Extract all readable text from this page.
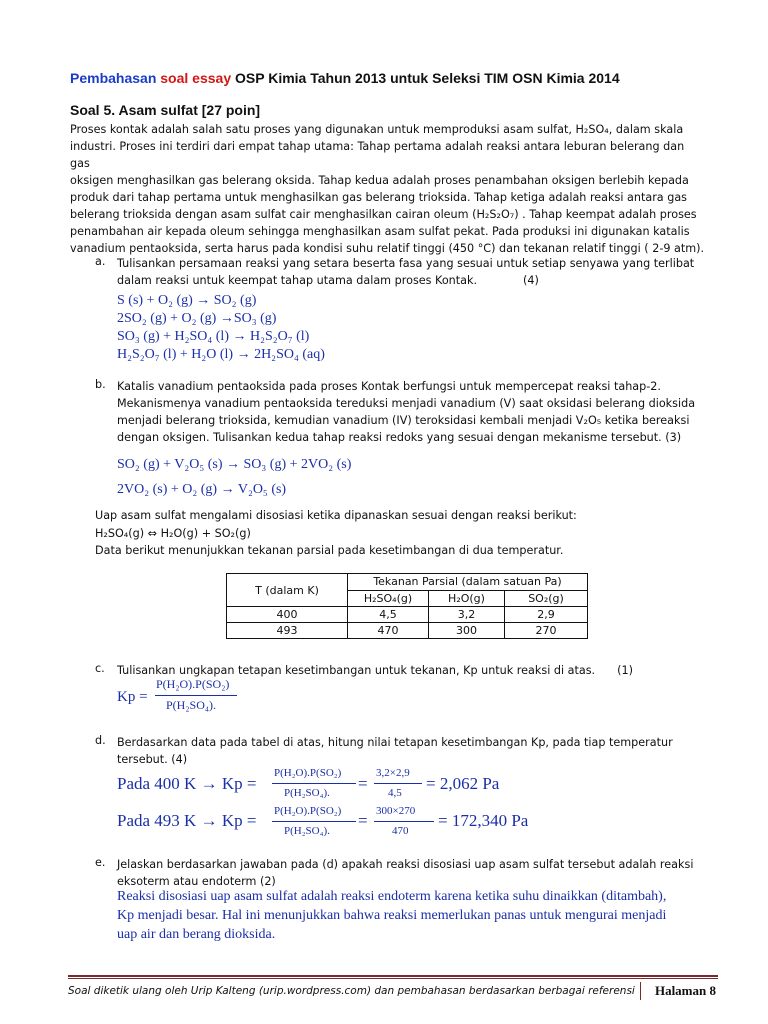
Pembahasan soal essay OSP Kimia Tahun 2013 untuk Seleksi TIM OSN Kimia 2014
Soal 5. Asam sulfat [27 poin]
Proses kontak adalah salah satu proses yang digunakan untuk memproduksi asam sulfat, H₂SO₄, dalam skala
industri. Proses ini terdiri dari empat tahap utama: Tahap pertama adalah reaksi antara leburan belerang dan gas
oksigen menghasilkan gas belerang oksida. Tahap kedua adalah proses penambahan oksigen berlebih kepada
produk dari tahap pertama untuk menghasilkan gas belerang trioksida. Tahap ketiga adalah reaksi antara gas
belerang trioksida dengan asam sulfat cair menghasilkan cairan oleum (H₂S₂O₇) . Tahap keempat adalah proses
penambahan air kepada oleum sehingga menghasilkan asam sulfat pekat. Pada produksi ini digunakan katalis
vanadium pentaoksida, serta harus pada kondisi suhu relatif tinggi (450 °C) dan tekanan relatif tinggi ( 2-9 atm).
a. Tulisankan persamaan reaksi yang setara beserta fasa yang sesuai untuk setiap senyawa yang terlibat
dalam reaksi untuk keempat tahap utama dalam proses Kontak.	(4)
S (s) + O₂ (g) → SO₂ (g)
2SO₂ (g) + O₂ (g) →SO₃ (g)
SO₃ (g) + H₂SO₄ (l) → H₂S₂O₇ (l)
H₂S₂O₇ (l) + H₂O (l) → 2H₂SO₄ (aq)
b. Katalis vanadium pentaoksida pada proses Kontak berfungsi untuk mempercepat reaksi tahap-2.
Mekanismenya vanadium pentaoksida tereduksi menjadi vanadium (V) saat oksidasi belerang dioksida
menjadi belerang trioksida, kemudian vanadium (IV) teroksidasi kembali menjadi V₂O₅ ketika bereaksi
dengan oksigen. Tulisankan kedua tahap reaksi redoks yang sesuai dengan mekanisme tersebut. (3)
SO₂ (g) + V₂O₅ (s) → SO₃ (g) + 2VO₂ (s)
2VO₂ (s) + O₂ (g) → V₂O₅ (s)
Uap asam sulfat mengalami disosiasi ketika dipanaskan sesuai dengan reaksi berikut:
H₂SO₄(g) ⇔ H₂O(g) + SO₂(g)
Data berikut menunjukkan tekanan parsial pada kesetimbangan di dua temperatur.
T (dalam K)	Tekanan Parsial (dalam satuan Pa)		
	H₂SO₄(g)	H₂O(g)	SO₂(g)
400	4,5	3,2	2,9
493	470	300	270
c. Tulisankan ungkapan tetapan kesetimbangan untuk tekanan, Kp untuk reaksi di atas. (1)
Kp =
P(H₂O).P(SO₂)
P(H₂SO₄).
d. Berdasarkan data pada tabel di atas, hitung nilai tetapan kesetimbangan Kp, pada tiap temperatur
tersebut. (4)
Pada 400 K → Kp =
P(H₂O).P(SO₂)
P(H₂SO₄). =
3,2×2,9
4,5 = 2,062 Pa
Pada 493 K → Kp = P(H₂O).P(SO₂)
P(H₂SO₄).
= 300×270
470
= 172,340 Pa
e. Jelaskan berdasarkan jawaban pada (d) apakah reaksi disosiasi uap asam sulfat tersebut adalah reaksi
eksoterm atau endoterm (2)
Reaksi disosiasi uap asam sulfat adalah reaksi endoterm karena ketika suhu dinaikkan (ditambah),
Kp menjadi besar. Hal ini menunjukkan bahwa reaksi memerlukan panas untuk mengurai menjadi
uap air dan berang dioksida.
Soal diketik ulang oleh Urip Kalteng (urip.wordpress.com) dan pembahasan berdasarkan berbagai referensi Halaman 8
